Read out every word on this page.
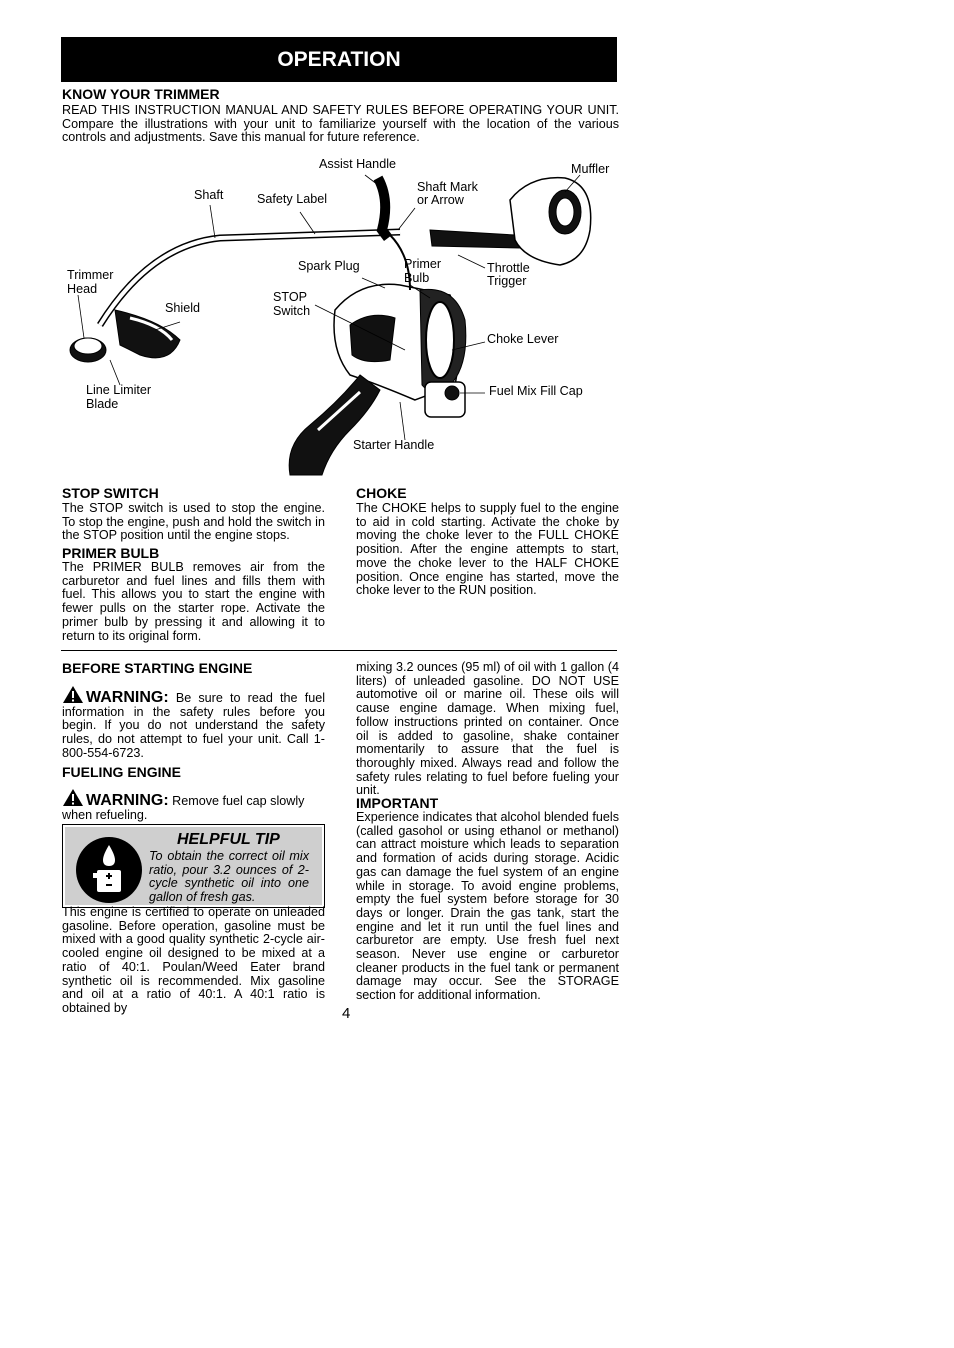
OPERATION
KNOW YOUR TRIMMER

READ THIS INSTRUCTION MANUAL AND SAFETY RULES BEFORE OPERATING YOUR UNIT. Compare the illustrations with your unit to familiarize yourself with the location of the various controls and adjustments. Save this manual for future reference.

Assist Handle	Muffler
Shaft	Safety Label
Shaft Mark
or Arrow
Trimmer
Head
Spark Plug	Primer
Bulb
Throttle
Trigger
Shield
STOP
Switch
Choke Lever
Line Limiter
Blade
Fuel Mix Fill Cap
Starter Handle
STOP SWITCH

The STOP switch is used to stop the engine. To stop the engine, push and hold the switch in the STOP position until the engine stops.

PRIMER BULB

The PRIMER BULB removes air from the carburetor and fuel lines and fills them with fuel. This allows you to start the engine with fewer pulls on the starter rope. Activate the primer bulb by pressing it and allowing it to return to its original form.

CHOKE

The CHOKE helps to supply fuel to the engine to aid in cold starting. Activate the choke by moving the choke lever to the FULL CHOKE position. After the engine attempts to start, move the choke lever to the HALF CHOKE position. Once engine has started, move the choke lever to the RUN position.

BEFORE STARTING ENGINE

WARNING: Be sure to read the fuel information in the safety rules before you begin. If you do not understand the safety rules, do not attempt to fuel your unit. Call 1-800-554-6723.

FUELING ENGINE

WARNING: Remove fuel cap slowly when refueling.

HELPFUL TIP
To obtain the correct oil mix ratio, pour 3.2 ounces of 2-cycle synthetic oil into one gallon of fresh gas.

This engine is certified to operate on unleaded gasoline. Before operation, gasoline must be mixed with a good quality synthetic 2-cycle air-cooled engine oil designed to be mixed at a ratio of 40:1. Poulan/Weed Eater brand synthetic oil is recommended. Mix gasoline and oil at a ratio of 40:1. A 40:1 ratio is obtained by

mixing 3.2 ounces (95 ml) of oil with 1 gallon (4 liters) of unleaded gasoline. DO NOT USE automotive oil or marine oil. These oils will cause engine damage. When mixing fuel, follow instructions printed on container. Once oil is added to gasoline, shake container momentarily to assure that the fuel is thoroughly mixed. Always read and follow the safety rules relating to fuel before fueling your unit.

IMPORTANT

Experience indicates that alcohol blended fuels (called gasohol or using ethanol or methanol) can attract moisture which leads to separation and formation of acids during storage. Acidic gas can damage the fuel system of an engine while in storage. To avoid engine problems, empty the fuel system before storage for 30 days or longer. Drain the gas tank, start the engine and let it run until the fuel lines and carburetor are empty. Use fresh fuel next season. Never use engine or carburetor cleaner products in the fuel tank or permanent damage may occur. See the STORAGE section for additional information.

4
